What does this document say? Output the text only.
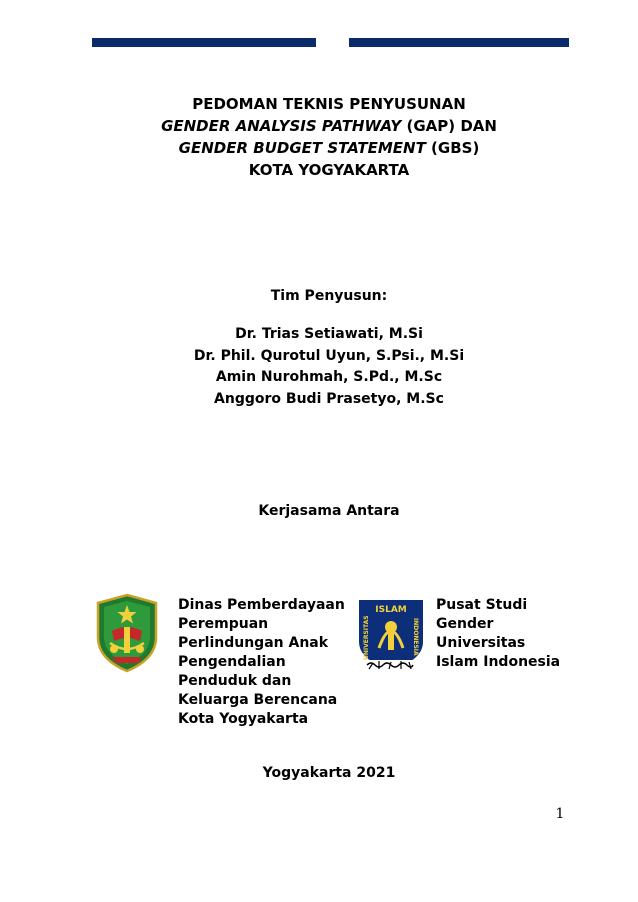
PEDOMAN TEKNIS PENYUSUNAN
GENDER ANALYSIS PATHWAY (GAP) DAN
GENDER BUDGET STATEMENT (GBS)
KOTA YOGYAKARTA
Tim Penyusun:
Dr. Trias Setiawati, M.Si
Dr. Phil. Qurotul Uyun, S.Psi., M.Si
Amin Nurohmah, S.Pd., M.Sc
Anggoro Budi Prasetyo, M.Sc
Kerjasama Antara
Dinas Pemberdayaan
Perempuan
Perlindungan Anak
Pengendalian
Penduduk dan
Keluarga Berencana
Kota Yogyakarta
ISLAM
UNIVERSITAS	INDONESIA
Pusat Studi
Gender
Universitas
Islam Indonesia
Yogyakarta 2021
1
